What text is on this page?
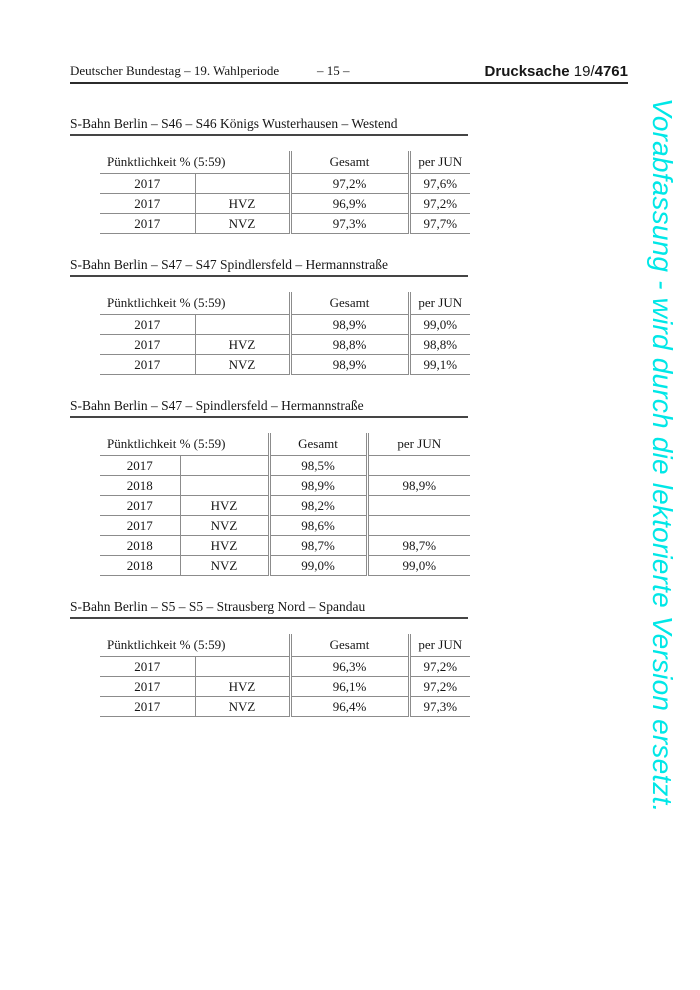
Deutscher Bundestag – 19. Wahlperiode	– 15 –	Drucksache 19/4761
S-Bahn Berlin – S46 – S46 Königs Wusterhausen – Westend
Pünktlichkeit % (5:59)		Gesamt	per JUN
2017		97,2%	97,6%
2017	HVZ	96,9%	97,2%
2017	NVZ	97,3%	97,7%
S-Bahn Berlin – S47 – S47 Spindlersfeld – Hermannstraße
Pünktlichkeit % (5:59)		Gesamt	per JUN
2017		98,9%	99,0%
2017	HVZ	98,8%	98,8%
2017	NVZ	98,9%	99,1%
S-Bahn Berlin – S47 – Spindlersfeld – Hermannstraße
Pünktlichkeit % (5:59)		Gesamt	per JUN
2017		98,5%	
2018		98,9%	98,9%
2017	HVZ	98,2%	
2017	NVZ	98,6%	
2018	HVZ	98,7%	98,7%
2018	NVZ	99,0%	99,0%
S-Bahn Berlin – S5 – S5 – Strausberg Nord – Spandau
Pünktlichkeit % (5:59)		Gesamt	per JUN
2017		96,3%	97,2%
2017	HVZ	96,1%	97,2%
2017	NVZ	96,4%	97,3%	Vorabfassung - wird durch die lektorierte Version ersetzt.
